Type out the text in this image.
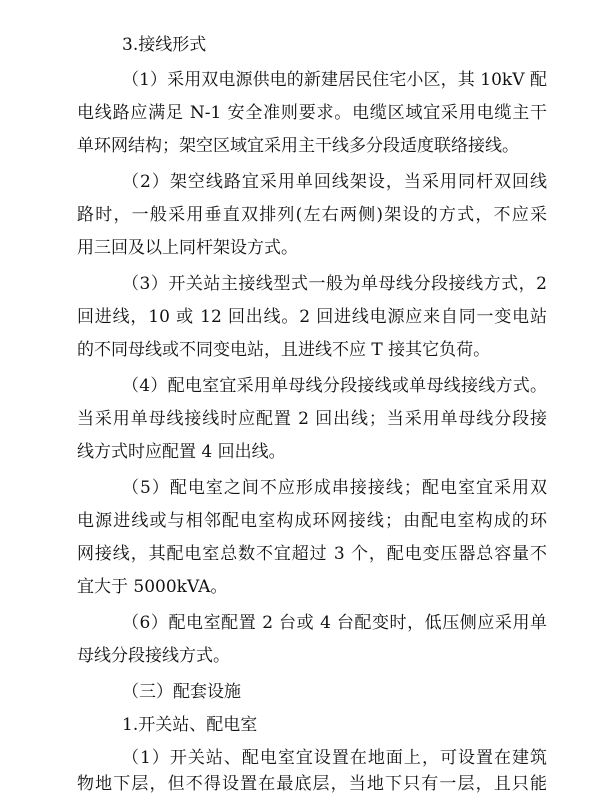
3.接线形式
（1）采用双电源供电的新建居民住宅小区，其 10kV 配
电线路应满足 N-1 安全准则要求。电缆区域宜采用电缆主干
单环网结构；架空区域宜采用主干线多分段适度联络接线。
（2）架空线路宜采用单回线架设，当采用同杆双回线
路时，一般采用垂直双排列(左右两侧)架设的方式，不应采
用三回及以上同杆架设方式。
（3）开关站主接线型式一般为单母线分段接线方式，2
回进线，10 或 12 回出线。2 回进线电源应来自同一变电站
的不同母线或不同变电站，且进线不应 T 接其它负荷。
（4）配电室宜采用单母线分段接线或单母线接线方式。
当采用单母线接线时应配置 2 回出线；当采用单母线分段接
线方式时应配置 4 回出线。
（5）配电室之间不应形成串接接线；配电室宜采用双
电源进线或与相邻配电室构成环网接线；由配电室构成的环
网接线，其配电室总数不宜超过 3 个，配电变压器总容量不
宜大于 5000kVA。
（6）配电室配置 2 台或 4 台配变时，低压侧应采用单
母线分段接线方式。
（三）配套设施
1.开关站、配电室
（1）开关站、配电室宜设置在地面上，可设置在建筑
物地下层，但不得设置在最底层，当地下只有一层，且只能
